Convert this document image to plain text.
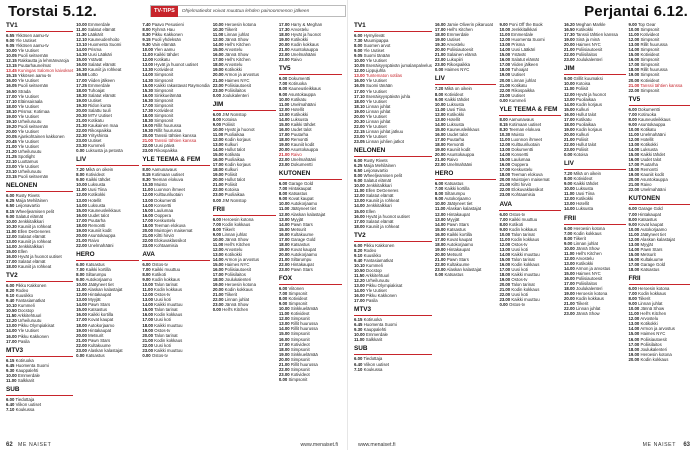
Torstai 5.12.	TV-TIPS	Ohjelmatiedot voivat muuttua lehden painoonmenon jälkeen
TV1
6.55 Ykkösen aamu-tv
9.00 Yle Uutiset
9.05 Ykkösen aamu-tv
10.00 Yle Uutiset
10.05 Puoli seitsemän
12.15 Rakkautta ja lehmänvaroja
13.15 Puutarhaunelmat
13.45 Kuningas Salomon kaivokset
15.15 Ykkösen aamu-tv
16.00 Yle Uutiset
16.05 Puoli seitsemän
16.50 Strada
17.00 Yle Uutiset
17.10 Eläinsairaala
18.00 Yle Uutiset
18.10 Prisma: Kotimaa
19.00 Yle Uutiset
19.10 Urheiluruutu
19.20 Puoli seitsemän
20.00 Yle Uutiset
20.05 Ajankohtainen kakkonen
20.45 Yle Uutiset
21.00 Yle Uutiset
21.20 Urheiluruutu
21.25 Spotlight
22.10 Luottamus
23.00 Yle Uutiset
23.10 Urheiluruutu
23.15 Puoli seitsemän
NELONEN
6.00 Rusty Rivets
6.25 Maija Mehiläinen
6.50 Leijonavartio
8.15 Wheeljeamisen pelit
9.00 Salatut elämät
10.00 Jenkkitalkkari
10.30 Kauniit ja rohkeat
11.00 Ellen DeGeneres
12.00 Salatut elämät
13.00 Kauniit ja rohkeat
14.00 Jenkkitalkkari
15.00 Ellen
16.00 Hyvät ja huonot uutiset
17.00 Salatut elämät
18.00 Kauniit ja rohkeat
TV2
6.00 Pikku Kakkonen
8.20 Rodeo
9.10 Kuusikko
9.40 Fantasiamatkat
10.10 Kummeli
10.50 Docstop
11.50 Arkkitehtuuri
12.20 Urheiluruutu
13.00 Pikku Olympiakisat
14.00 Yle Uutiset
16.00 Pikku Kakkonen
17.00 Pasila
MTV3
6.15 Kotiruoka
6.45 Huomenta Suomi
9.30 Kauppalehti
10.00 Emmerdale
11.00 Salkkarit
SUB
6.00 Tiedottaja
6.40 Viikon uutiset
7.10 Koukussa
10.00 Emmerdale
11.00 Salatut elämät
11.30 Lääkärit
12.10 Kauneudenhoito
13.10 Huomenta Suomi
14.00 Prisma
14.30 Uusi Lääkäri
15.00 Ystävät
16.00 Salatut elämät
16.30 Kauniit ja rohkeat
16.58 Lotto
17.00 Viiden jälkeen
17.25 Emmerdale
18.00 Tuhoajat
18.30 Salatut elämät
19.00 Uutiset
19.30 Ridon kunta
20.00 Salattu tuuli
20.30 MTV Uutiset
21.00 Kotikatu
21.30 Kaukainen maa
22.00 Rikospaikka
22.30 Yrityshinta
23.00 Uutiset
23.30 Kummeli
0.00 Luksusta ja petosta
LIV
7.20 Mikä on oikein
8.00 Kotivideot
9.00 Kaikki tähdet
10.00 Luksusta
11.00 Uusi Tiina
12.00 Kotikokki
13.00 Hotellit
14.00 Luksusta
15.00 Kauneusleikkaus
16.00 Uudet talot
17.00 Puutarha
18.00 Remontti
19.00 Kauniit kodit
20.00 Asuntokauppa
21.00 Raivo
22.00 Unelmahääni
HERO
6.00 Katsastus
7.00 Kaikki kortilla
8.00 Siltarumpu
9.00 Autokorjaamo
10.00 Jäätyneet tiet
11.00 Alaskan kalastajat
12.00 Hintakaupat
13.00 Myyjät
14.00 Pawn Stars
15.00 Katsastus
16.00 Kaikki kortilla
17.00 Kovat kaupat
18.00 Autokorjaamo
19.00 Hintakaupat
20.00 Metsurit
21.00 Pawn Stars
22.00 Kultakuume
23.00 Alaskan kalastajat
0.00 Katsastus
7.40 Paavo Pesusieni
8.00 Ryhmä Hau
8.30 Pikku Kakkonen
9.15 Puoli yhdeksän
9.30 Vain elämää
10.00 Ylen aamu
11.00 Kaikki tähdet
12.00 Kotikatu
13.00 Hyvät ja huonot uutiset
13.30 Kotivideot
14.00 Simpsonit
14.30 Simpsonit
15.00 Kaikki rakastavat Raymondia
15.30 Simpsonit
16.00 Sinkkuelämää
16.30 Simpsonit
17.00 Simpsonit
17.30 Kotivideot
18.00 Simpsonit
18.30 Simpsonit
19.00 Rillit huurussa
19.30 Rillit huurussa
20.00 Tanssii tähtien kanssa
21.00 Tanssii tähtien kanssa
22.00 Uusi päivä
23.00 Rikospaikka
YLE TEEMA & FEM
8.00 Aamunavaus
8.15 Kotimaan uutiset
8.30 Teeman elokuva
10.30 Muisto
11.00 Luonnon ihmeet
12.00 Kulttuuriluotain
13.00 Dokumentti
14.00 Konsertti
15.00 Laulumaa
16.00 Ooppera
17.00 Keskustelu
18.00 Teeman elokuva
20.00 Muistojen maisemat
21.00 Kiltti hirviö
22.00 Elokuvaklassikot
23.00 Kohtaamisia
AVA
6.00 Ostos-tv
7.00 Kaikki muuttuu
8.00 Kotikoti
9.00 Kodin kokkaus
10.00 Talon tarinat
11.00 Kodin kokkaus
12.00 Ostos-tv
13.00 Uusi koti
14.00 Kaikki muuttuu
15.00 Talon tarinat
16.00 Kodin kokkaus
17.00 Uusi koti
18.00 Kaikki muuttuu
19.00 Ostos-tv
20.00 Talon tarinat
21.00 Kodin kokkaus
22.00 Uusi koti
23.00 Kaikki muuttuu
0.00 Ostos-tv
10.00 Heroesin kotona
10.30 Tiikerit
11.00 Linnan juhlat
12.00 Jännä Show
14.00 Hell's Kitchen
15.00 Arvostelu
16.00 Jännä Show
17.00 Hell's Kitchen
18.00 Arvostelu
19.00 Kotikokki
20.00 Armon ja arvostus
21.00 Haimes NYC
22.00 Poliisiautoesit
23.00 Poliisilaitos
0.00 Joulukalenteri
JIM
6.00 JIM Nonstop
8.00 Kotoisa
9.00 Poliisit
10.00 Hyvät ja huonot
11.00 Puoliaikaa
12.00 Kodin korjaus
13.00 Kulkuri
14.00 Hullut talot
15.00 Kotikatu
16.00 Puoliaikaa
17.00 Kodin korjaus
18.00 Kulkuri
19.00 Poliisit
20.00 Hullut talot
21.00 Poliisit
22.00 Kotoisa
23.00 Puoliaikaa
0.00 JIM Nonstop
FRII
6.00 Heroesin kotona
7.00 Kodin kokkaus
8.00 Tiikerit
9.00 Linnan juhlat
10.00 Jännä Show
11.00 Hell's Kitchen
12.00 Arvostelu
13.00 Kotikokki
14.00 Armon ja arvostus
15.00 Haimes NYC
16.00 Poliisiautoesit
17.00 Poliisilaitos
18.00 Joulukalenteri
19.00 Heroesin kotona
20.00 Kodin kokkaus
21.00 Tiikerit
22.00 Linnan juhlat
23.00 Jännä Show
0.00 Hell's Kitchen
17.00 Harry & Meghan
17.30 Arvostelu
18.00 Hyvät ja huonot
19.00 Kotikokki
20.00 Kodin kokkaus
21.00 Asuntokauppa
22.00 Unelmahääni
23.00 Raivo
TV5
6.00 Dokumentti
7.00 Kotiruoka
8.00 Kauneusleikkaus
9.00 Asuntokauppa
10.00 Kotikatu
11.00 Unelmahääni
12.00 Hotellit
13.00 Kotikokki
14.00 Luksusta
15.00 Kaikki tähdet
16.00 Uudet talot
17.00 Puutarha
18.00 Remontti
19.00 Kauniit kodit
20.00 Asuntokauppa
21.00 Raivo
22.00 Unelmahääni
23.00 Dokumentti
KUTONEN
6.00 Garage Gold
7.00 Hintakaupat
8.00 Katsastus
9.00 Kovat kaupat
10.00 Autokorjaamo
11.00 Jäätyneet tiet
12.00 Alaskan kalastajat
13.00 Myyjät
14.00 Pawn Stars
15.00 Metsurit
16.00 Kultakuume
17.00 Garage Gold
18.00 Katsastus
19.00 Kovat kaupat
20.00 Autokorjaamo
21.00 Siltarumpu
22.00 Hintakaupat
23.00 Pawn Stars
FOX
6.00 Viitonen
7.00 Simpsonit
8.00 Kotivideot
9.00 Simpsonit
10.00 Sinkkuelämää
11.00 Kotivideot
12.00 Simpsonit
13.00 Rillit huurussa
14.00 Rillit huurussa
15.00 Simpsonit
16.00 Simpsonit
17.00 Kotivideot
18.00 Simpsonit
19.00 Sinkkuelämää
20.00 Simpsonit
21.00 Rillit huurussa
22.00 Simpsonit
23.00 Kotivideot
0.00 Simpsonit
62 ME NAISET	www.menaiset.fi
Perjantai 6.12.
TV1
6.00 Hymyilevät
7.30 Muumipappa
8.00 Suomen arvot
9.00 Yle Uutiset
9.05 Suomi tänään
10.00 Yle Uutiset
10.05 Itsenäisyyspäivän jumalanpalvelus
12.00 Lippujuhla
13.00 Tuntematon sotilas
16.00 Yle Uutiset
16.05 Suomi tänään
17.00 Yle Uutiset
17.10 Itsenäisyyspäivän juhla
18.00 Yle Uutiset
18.10 Linnan juhlat
19.00 Linnan juhlat
20.00 Yle Uutiset
20.30 Linnan juhlat
22.00 Yle Uutiset
22.15 Linnan juhlat jatkuu
23.00 Yle Uutiset
23.05 Linnan juhlien jatkot
NELONEN
6.00 Rusty Rivets
6.25 Maija Mehiläinen
6.50 Leijonavartio
8.00 Wheeljeamisen pelit
9.00 Salatut elämät
10.00 Jenkkitalkkari
11.00 Ellen DeGeneres
12.00 Salatut elämät
13.00 Kauniit ja rohkeat
14.00 Jenkkitalkkari
15.00 Ellen
16.00 Hyvät ja huonot uutiset
17.00 Salatut elämät
18.00 Kauniit ja rohkeat
TV2
6.00 Pikku Kakkonen
8.20 Rodeo
9.10 Kuusikko
9.40 Fantasiamatkat
10.10 Kummeli
10.50 Docstop
11.50 Arkkitehtuuri
12.20 Urheiluruutu
13.00 Pikku Olympiakisat
14.00 Yle Uutiset
16.00 Pikku Kakkonen
17.00 Pasila
MTV3
6.15 Kotiruoka
6.45 Huomenta Suomi
9.30 Kauppalehti
10.00 Emmerdale
11.00 Salkkarit
SUB
6.00 Tiedottaja
6.40 Viikon uutiset
7.10 Koukussa
16.00 Jamie Oliverin pikaruoat
17.00 Hell's Kitchen
18.00 Emmerdale
19.00 Uutiset
19.30 Arvostelu
20.00 Poliisiautoesit
21.00 Salainen elämä
22.00 Lukupiiri
23.00 Rikospaikka
0.00 Haimes NYC
LIV
7.20 Mikä on oikein
8.00 Kotivideot
9.00 Kaikki tähdet
10.00 Luksusta
11.00 Uusi Tiina
12.00 Kotikokki
13.00 Hotellit
14.00 Luksusta
15.00 Kauneusleikkaus
16.00 Uudet talot
17.00 Puutarha
18.00 Remontti
19.00 Kauniit kodit
20.00 Asuntokauppa
21.00 Raivo
22.00 Unelmahääni
HERO
6.00 Katsastus
7.00 Kaikki kortilla
8.00 Siltarumpu
9.00 Autokorjaamo
10.00 Jäätyneet tiet
11.00 Alaskan kalastajat
12.00 Hintakaupat
13.00 Myyjät
14.00 Pawn Stars
15.00 Katsastus
16.00 Kaikki kortilla
17.00 Kovat kaupat
18.00 Autokorjaamo
19.00 Hintakaupat
20.00 Metsurit
21.00 Pawn Stars
22.00 Kultakuume
23.00 Alaskan kalastajat
0.00 Katsastus
9.00 Poni Off the Book
10.00 Jenkkitalkkari
11.00 Emmerdale
12.00 Huomenta Suomi
13.00 Prisma
14.00 Uusi Lääkäri
15.00 Ystävät
16.00 Salatut elämät
17.00 Viiden jälkeen
18.00 Tuhoajat
19.00 Uutiset
20.00 Linnan juhlat
21.00 Kotikatu
22.00 Rikospaikka
23.00 Uutiset
0.00 Kummeli
YLE TEEMA & FEM
8.00 Aamunavaus
8.15 Kotimaan uutiset
8.30 Teeman elokuva
10.30 Muisto
11.00 Luonnon ihmeet
12.00 Kulttuuriluotain
13.00 Dokumentti
14.00 Konsertti
15.00 Laulumaa
16.00 Ooppera
17.00 Keskustelu
18.00 Teeman elokuva
20.00 Muistojen maisemat
21.00 Kiltti hirviö
22.00 Elokuvaklassikot
23.00 Kohtaamisia
AVA
6.00 Ostos-tv
7.00 Kaikki muuttuu
8.00 Kotikoti
9.00 Kodin kokkaus
10.00 Talon tarinat
11.00 Kodin kokkaus
12.00 Ostos-tv
13.00 Uusi koti
14.00 Kaikki muuttuu
15.00 Talon tarinat
16.00 Kodin kokkaus
17.00 Uusi koti
18.00 Kaikki muuttuu
19.00 Ostos-tv
20.00 Talon tarinat
21.00 Kodin kokkaus
22.00 Uusi koti
23.00 Kaikki muuttuu
0.00 Ostos-tv
16.20 Meghan Markle
16.50 Kotikokki
17.30 Tanssii tähtien kanssa
19.00 Sinä ja minä
20.00 Haimes NYC
21.00 Poliisiautoesit
22.00 Poliisilaitos
23.00 Joulukalenteri
JIM
9.00 Grillit kuumaksi
10.00 Kotoisa
11.00 Poliisit
12.00 Hyvät ja huonot
13.00 Puoliaikaa
14.00 Kodin korjaus
15.00 Kulkuri
16.00 Hullut talot
17.00 Kotikatu
18.00 Puoliaikaa
19.00 Kodin korjaus
20.00 Kulkuri
21.00 Poliisit
22.00 Hullut talot
23.00 Poliisit
0.00 Kotoisa
LIV
7.20 Mikä on oikein
8.00 Kotivideot
9.00 Kaikki tähdet
10.00 Luksusta
11.00 Uusi Tiina
12.00 Kotikokki
13.00 Hotellit
14.00 Luksusta
FRII
6.00 Heroesin kotona
7.00 Kodin kokkaus
8.00 Tiikerit
9.00 Linnan juhlat
10.00 Jännä Show
11.00 Hell's Kitchen
12.00 Arvostelu
13.00 Kotikokki
14.00 Armon ja arvostus
15.00 Haimes NYC
16.00 Poliisiautoesit
17.00 Poliisilaitos
18.00 Joulukalenteri
19.00 Heroesin kotona
20.00 Kodin kokkaus
21.00 Tiikerit
22.00 Linnan juhlat
23.00 Jännä Show
9.00 Top Gear
10.00 Simpsonit
11.00 Kotivideot
12.00 Simpsonit
13.00 Rillit huurussa
14.00 Simpsonit
15.00 Kotivideot
16.00 Simpsonit
17.00 Simpsonit
18.00 Rillit huurussa
19.00 Simpsonit
20.00 Kotivideot
21.00 Tanssii tähtien kanssa
22.00 Simpsonit
TV5
6.00 Dokumentti
7.00 Kotiruoka
8.00 Kauneusleikkaus
9.00 Asuntokauppa
10.00 Kotikatu
11.00 Unelmahääni
12.00 Hotellit
13.00 Kotikokki
14.00 Luksusta
15.00 Kaikki tähdet
16.00 Uudet talot
17.00 Puutarha
18.00 Remontti
19.00 Kauniit kodit
20.00 Asuntokauppa
21.00 Raivo
22.00 Unelmahääni
KUTONEN
6.00 Garage Gold
7.00 Hintakaupat
8.00 Katsastus
9.00 Kovat kaupat
10.00 Autokorjaamo
11.00 Jäätyneet tiet
12.00 Alaskan kalastajat
13.00 Myyjät
14.00 Pawn Stars
15.00 Metsurit
16.00 Kultakuume
17.00 Garage Gold
18.00 Katsastus
FRII
6.00 Heroesin kotona
7.00 Kodin kokkaus
8.00 Tiikerit
9.00 Linnan juhlat
10.00 Jännä Show
11.00 Hell's Kitchen
12.00 Arvostelu
13.00 Kotikokki
14.00 Armon ja arvostus
15.00 Haimes NYC
16.00 Poliisiautoesit
17.00 Poliisilaitos
18.00 Joulukalenteri
19.00 Heroesin kotona
20.00 Kodin kokkaus
www.menaiset.fi	ME NAISET 63
